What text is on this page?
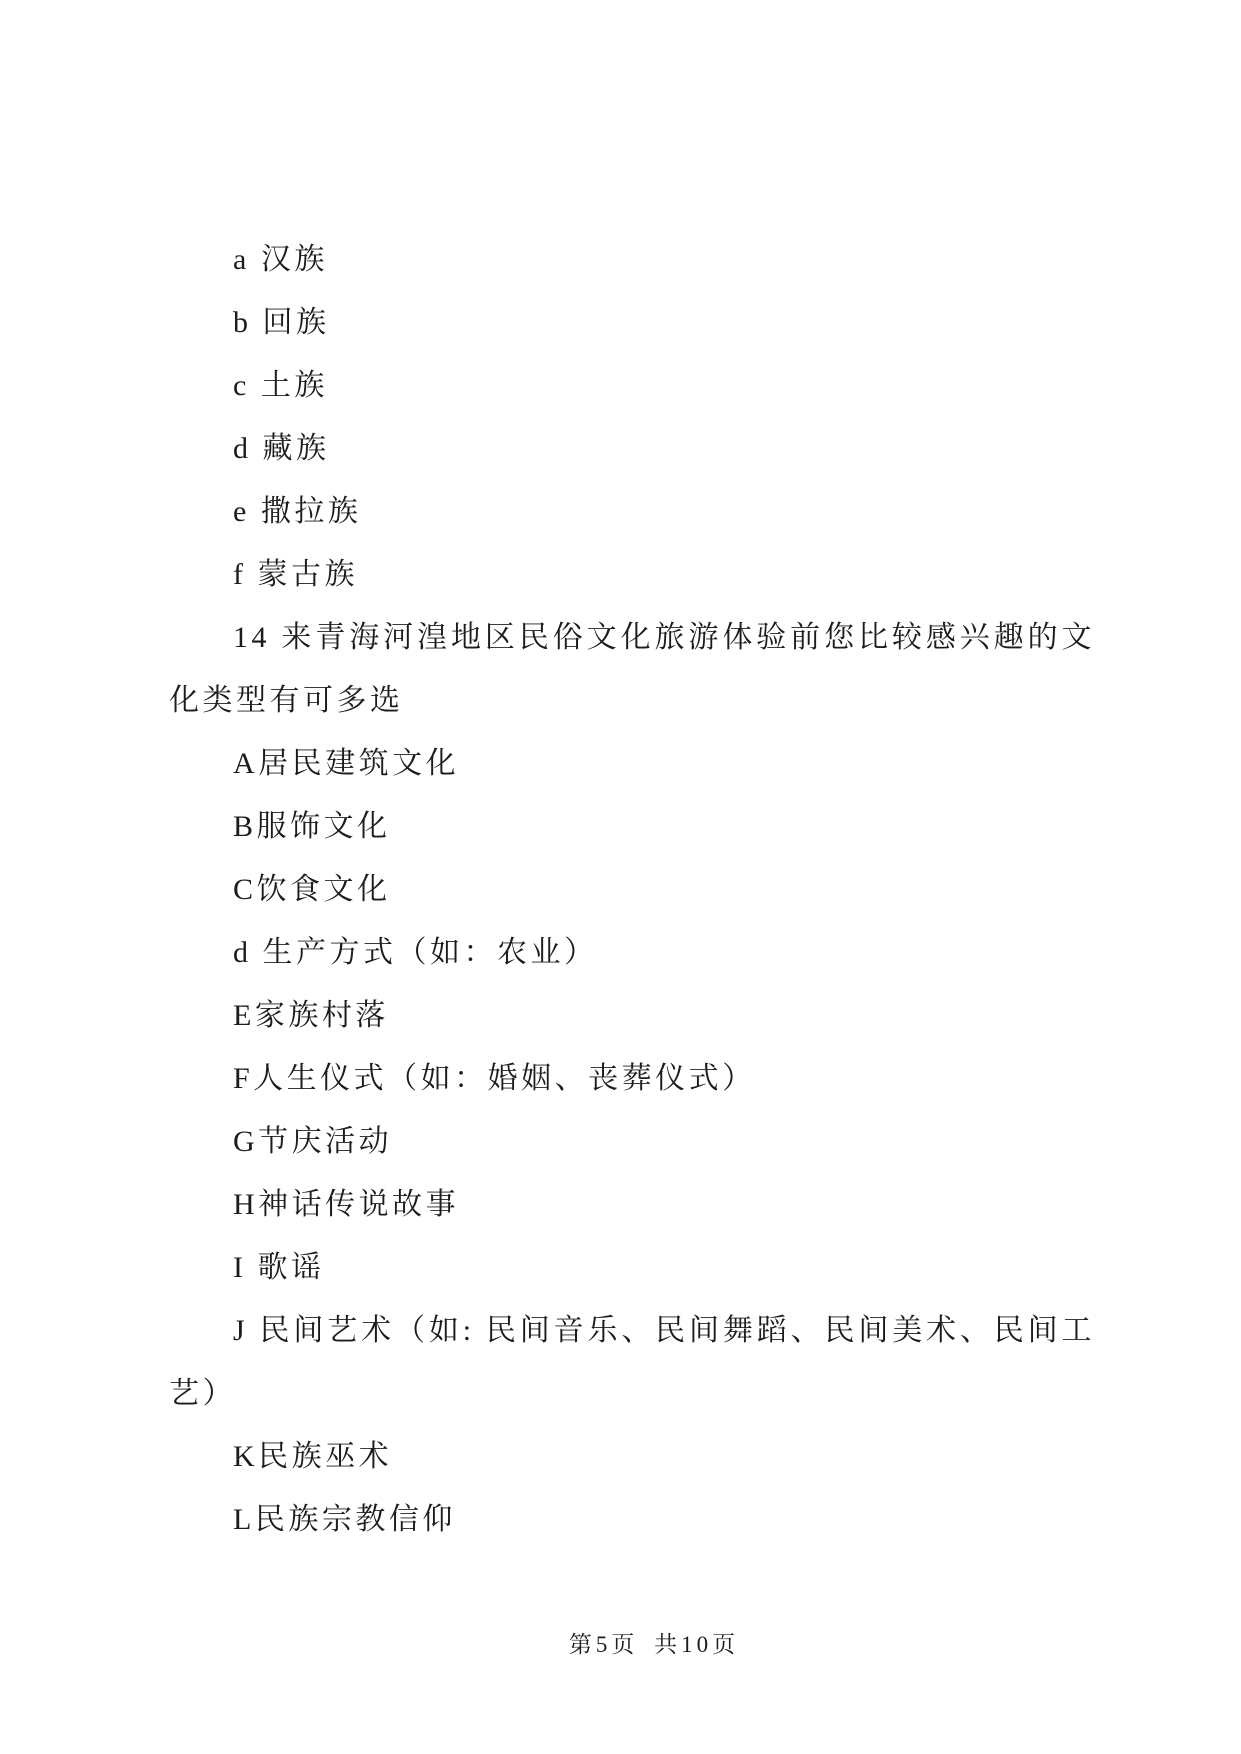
a 汉族

b 回族

c 土族

d 藏族

e 撒拉族

f 蒙古族

14 来青海河湟地区民俗文化旅游体验前您比较感兴趣的文化类型有可多选

A居民建筑文化

B服饰文化

C饮食文化

d 生产方式（如：农业）

E家族村落

F人生仪式（如：婚姻、丧葬仪式）

G节庆活动

H神话传说故事

I 歌谣

J 民间艺术（如: 民间音乐、民间舞蹈、民间美术、民间工艺）

K民族巫术

L民族宗教信仰

第5页 共10页
